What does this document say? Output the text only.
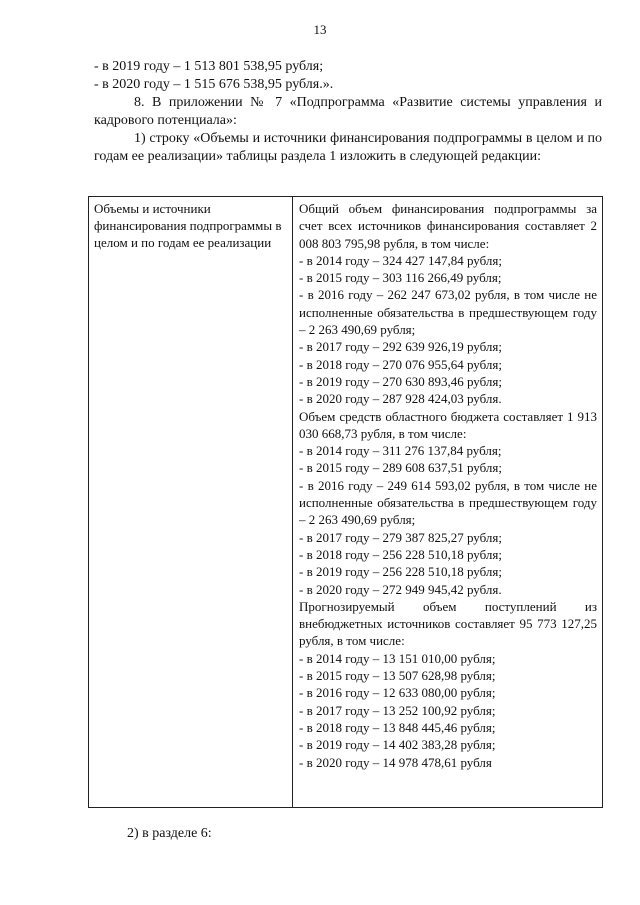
13

- в 2019 году – 1 513 801 538,95 рубля;

- в 2020 году – 1 515 676 538,95 рубля.».

8. В приложении № 7 «Подпрограмма «Развитие системы управления и кадрового потенциала»:

1) строку «Объемы и источники финансирования подпрограммы в целом и по годам ее реализации» таблицы раздела 1 изложить в следующей редакции:

Объемы и источники финансирования подпрограммы в целом и по годам ее реализации
Общий объем финансирования подпрограммы за счет всех источников финансирования составляет 2 008 803 795,98 рубля, в том числе:
- в 2014 году – 324 427 147,84 рубля;
- в 2015 году – 303 116 266,49 рубля;
- в 2016 году – 262 247 673,02 рубля, в том числе не исполненные обязательства в предшествующем году – 2 263 490,69 рубля;
- в 2017 году – 292 639 926,19 рубля;
- в 2018 году – 270 076 955,64 рубля;
- в 2019 году – 270 630 893,46 рубля;
- в 2020 году – 287 928 424,03 рубля.
Объем средств областного бюджета составляет 1 913 030 668,73 рубля, в том числе:
- в 2014 году – 311 276 137,84 рубля;
- в 2015 году – 289 608 637,51 рубля;
- в 2016 году – 249 614 593,02 рубля, в том числе не исполненные обязательства в предшествующем году – 2 263 490,69 рубля;
- в 2017 году – 279 387 825,27 рубля;
- в 2018 году – 256 228 510,18 рубля;
- в 2019 году – 256 228 510,18 рубля;
- в 2020 году – 272 949 945,42 рубля.
Прогнозируемый объем поступлений из внебюджетных источников составляет 95 773 127,25 рубля, в том числе:
- в 2014 году – 13 151 010,00 рубля;
- в 2015 году – 13 507 628,98 рубля;
- в 2016 году – 12 633 080,00 рубля;
- в 2017 году – 13 252 100,92 рубля;
- в 2018 году – 13 848 445,46 рубля;
- в 2019 году – 14 402 383,28 рубля;
- в 2020 году – 14 978 478,61 рубля
2) в разделе 6:
